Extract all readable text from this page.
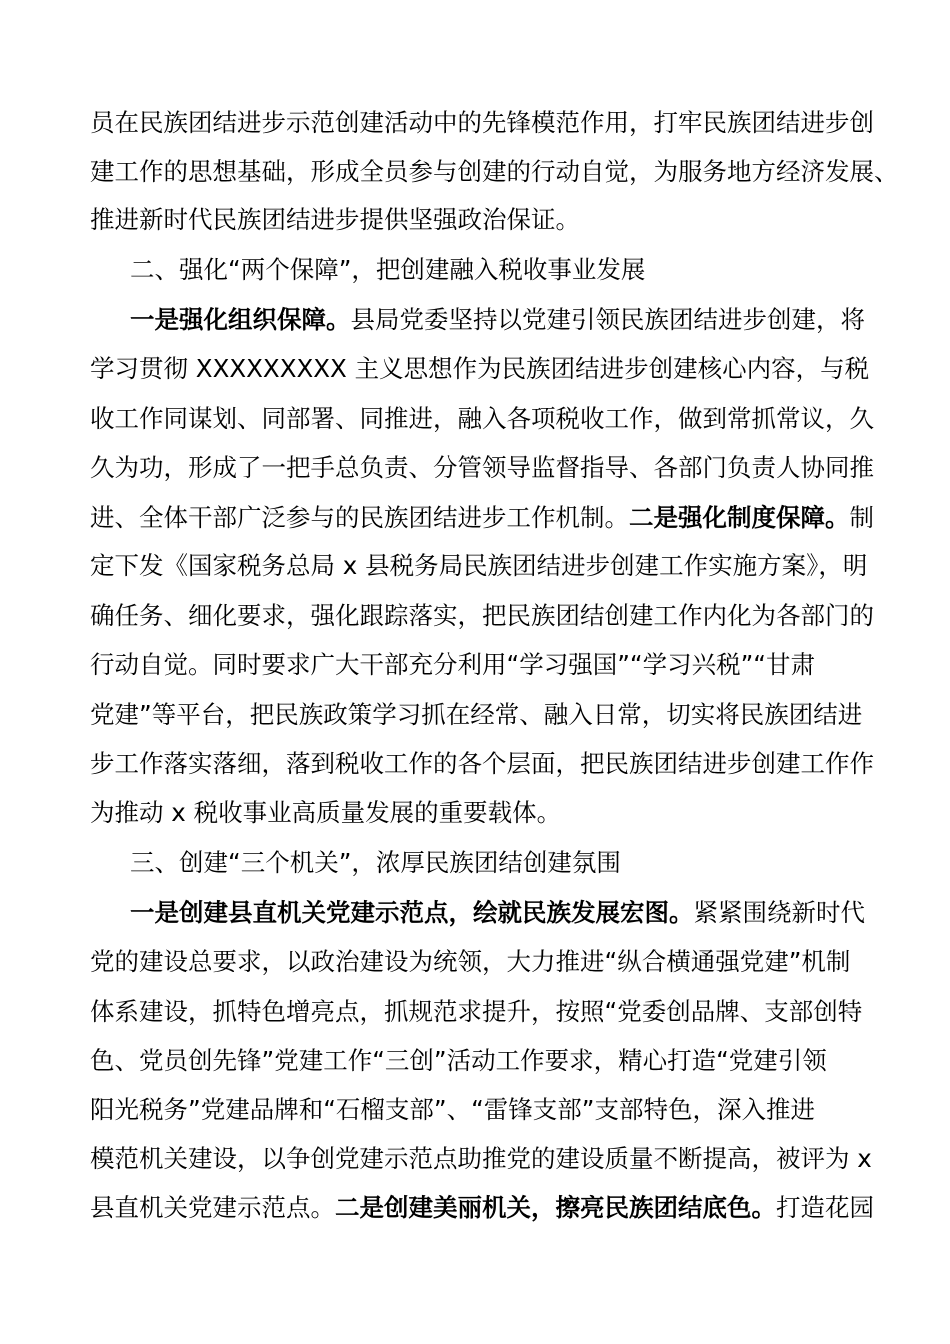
员在民族团结进步示范创建活动中的先锋模范作用，打牢民族团结进步创
建工作的思想基础，形成全员参与创建的行动自觉，为服务地方经济发展、
推进新时代民族团结进步提供坚强政治保证。
二、强化“两个保障”，把创建融入税收事业发展
一是强化组织保障。县局党委坚持以党建引领民族团结进步创建，将
学习贯彻 XXXXXXXXX 主义思想作为民族团结进步创建核心内容，与税
收工作同谋划、同部署、同推进，融入各项税收工作，做到常抓常议，久
久为功，形成了一把手总负责、分管领导监督指导、各部门负责人协同推
进、全体干部广泛参与的民族团结进步工作机制。二是强化制度保障。制
定下发《国家税务总局 x 县税务局民族团结进步创建工作实施方案》，明
确任务、细化要求，强化跟踪落实，把民族团结创建工作内化为各部门的
行动自觉。同时要求广大干部充分利用“学习强国”“学习兴税”“甘肃
党建”等平台，把民族政策学习抓在经常、融入日常，切实将民族团结进
步工作落实落细，落到税收工作的各个层面，把民族团结进步创建工作作
为推动 x 税收事业高质量发展的重要载体。
三、创建“三个机关”，浓厚民族团结创建氛围
一是创建县直机关党建示范点，绘就民族发展宏图。紧紧围绕新时代
党的建设总要求，以政治建设为统领，大力推进“纵合横通强党建”机制
体系建设，抓特色增亮点，抓规范求提升，按照“党委创品牌、支部创特
色、党员创先锋”党建工作“三创”活动工作要求，精心打造“党建引领
阳光税务”党建品牌和“石榴支部”、“雷锋支部”支部特色，深入推进
模范机关建设，以争创党建示范点助推党的建设质量不断提高，被评为 x
县直机关党建示范点。二是创建美丽机关，擦亮民族团结底色。打造花园
